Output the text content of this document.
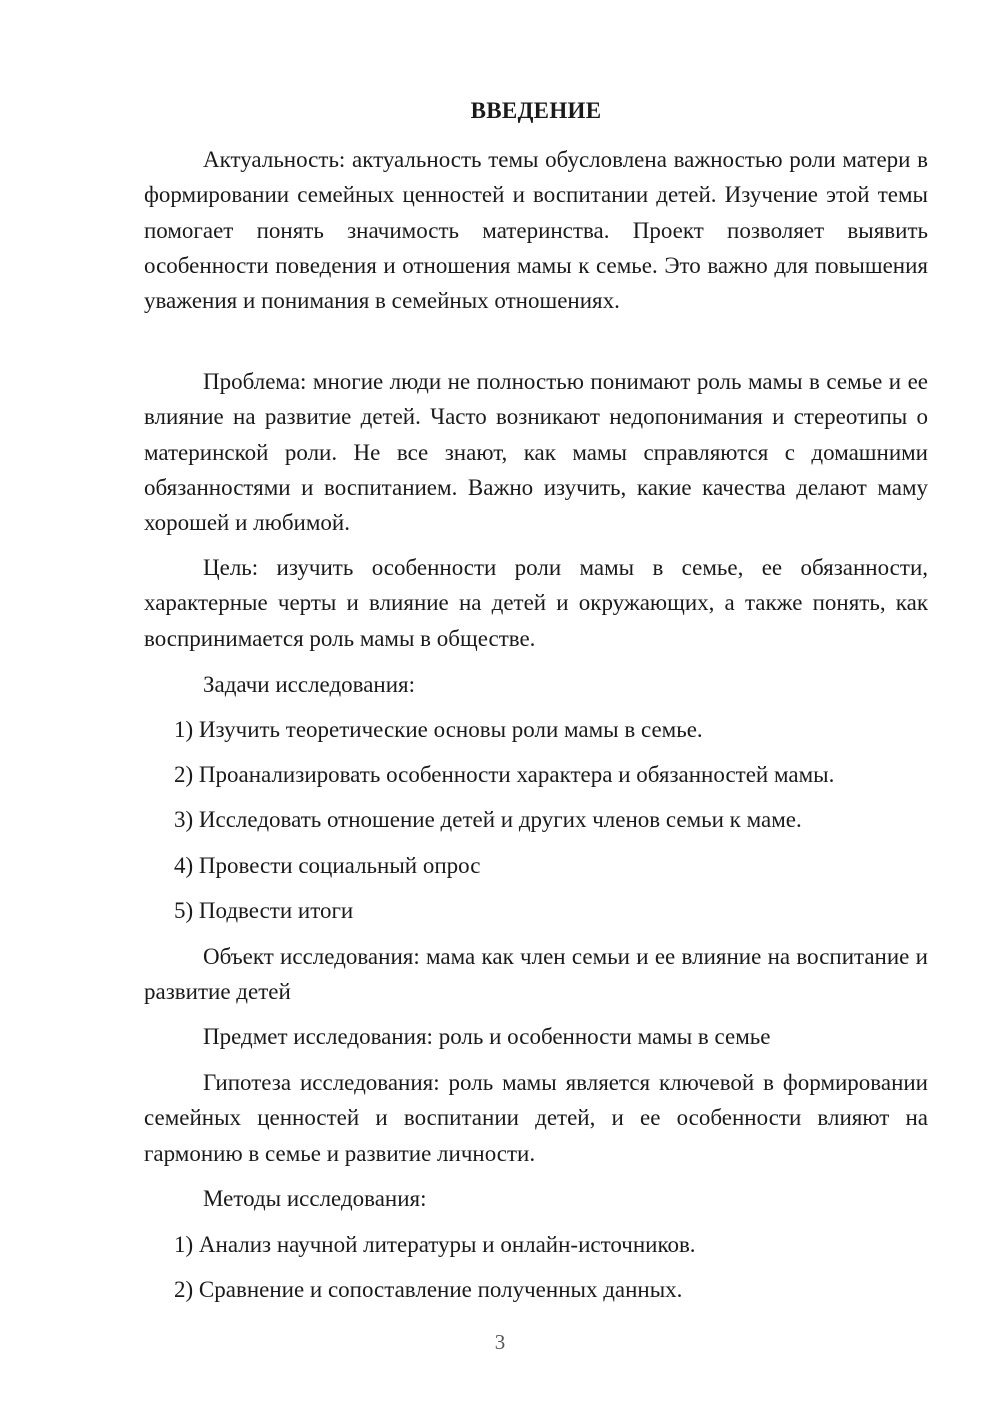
ВВЕДЕНИЕ

Актуальность: актуальность темы обусловлена важностью роли матери в формировании семейных ценностей и воспитании детей. Изучение этой темы помогает понять значимость материнства. Проект позволяет выявить особенности поведения и отношения мамы к семье. Это важно для повышения уважения и понимания в семейных отношениях.

Проблема: многие люди не полностью понимают роль мамы в семье и ее влияние на развитие детей. Часто возникают недопонимания и стереотипы о материнской роли. Не все знают, как мамы справляются с домашними обязанностями и воспитанием. Важно изучить, какие качества делают маму хорошей и любимой.

Цель: изучить особенности роли мамы в семье, ее обязанности, характерные черты и влияние на детей и окружающих, а также понять, как воспринимается роль мамы в обществе.

Задачи исследования:
1) Изучить теоретические основы роли мамы в семье.
2) Проанализировать особенности характера и обязанностей мамы.
3) Исследовать отношение детей и других членов семьи к маме.
4) Провести социальный опрос
5) Подвести итоги

Объект исследования: мама как член семьи и ее влияние на воспитание и развитие детей

Предмет исследования: роль и особенности мамы в семье

Гипотеза исследования: роль мамы является ключевой в формировании семейных ценностей и воспитании детей, и ее особенности влияют на гармонию в семье и развитие личности.

Методы исследования:
1) Анализ научной литературы и онлайн-источников.
2) Сравнение и сопоставление полученных данных.
3
